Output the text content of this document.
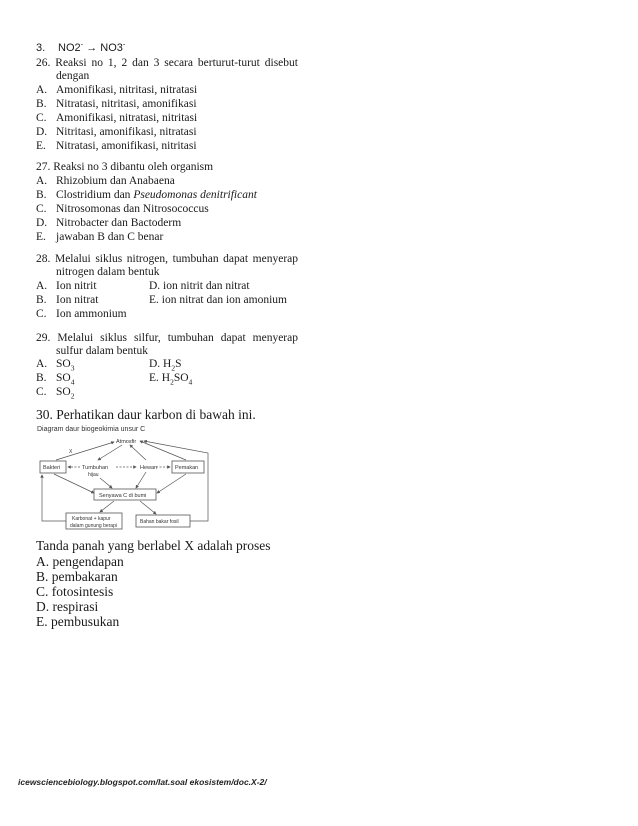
3. NO2- → NO3-
26. Reaksi no 1, 2 dan 3 secara berturut-turut disebut
dengan
A. Amonifikasi, nitritasi, nitratasi
B. Nitratasi, nitritasi, amonifikasi
C. Amonifikasi, nitratasi, nitritasi
D. Nitritasi, amonifikasi, nitratasi
E. Nitratasi, amonifikasi, nitritasi
27. Reaksi no 3 dibantu oleh organism
A. Rhizobium dan Anabaena
B. Clostridium dan Pseudomonas denitrificant
C. Nitrosomonas dan Nitrosococcus
D. Nitrobacter dan Bactoderm
E. jawaban B dan C benar
28. Melalui siklus nitrogen, tumbuhan dapat menyerap
nitrogen dalam bentuk
A. Ion nitrit	D. ion nitrit dan nitrat
B. Ion nitrat	E. ion nitrat dan ion amonium
C. Ion ammonium
29. Melalui siklus silfur, tumbuhan dapat menyerap
sulfur dalam bentuk
A. $SO_3$	D. $H_2S$
B. $SO_4$	E. $H_2SO_4$
C. $SO_2$
30. Perhatikan daur karbon di bawah ini.
Diagram daur biogeokimia unsur C
Atmosfir
X
Bakteri	Tumbuhan
hijau
Hewan	Pemakan
Senyawa C di bumi
Karbonat + kapur
dalam gunung berapi
Bahan bakar fosil
Tanda panah yang berlabel X adalah proses
A. pengendapan
B. pembakaran
C. fotosintesis
D. respirasi
E. pembusukan
icewsciencebiology.blogspot.com/lat.soal ekosistem/doc.X-2/
